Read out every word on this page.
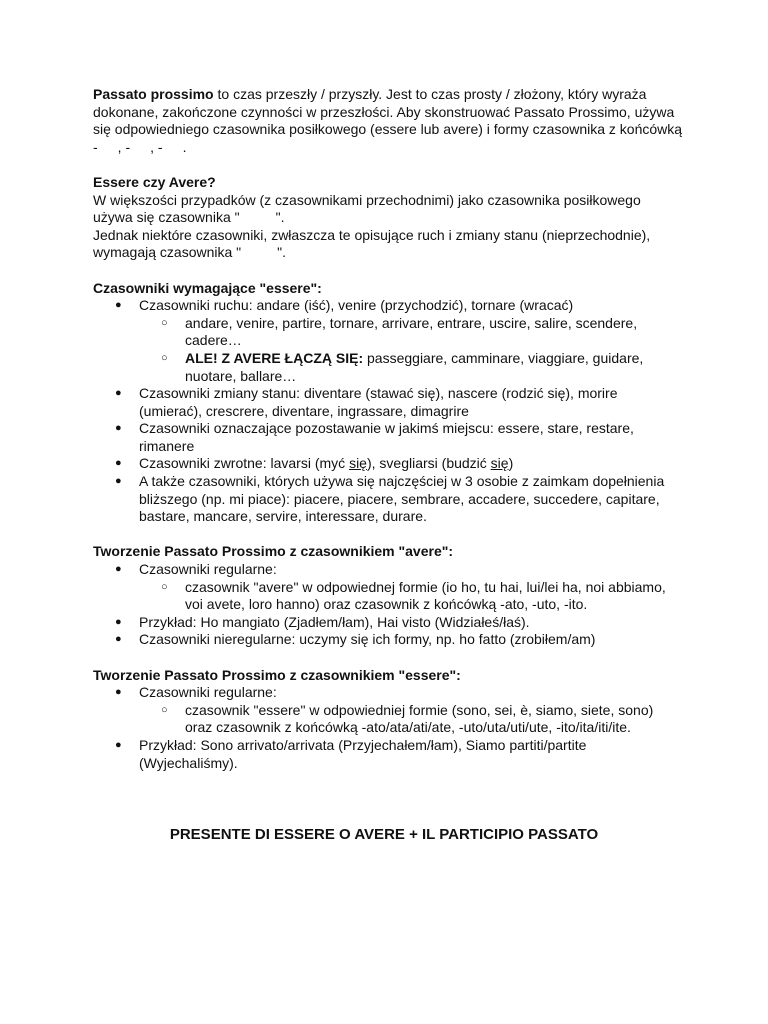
Passato prossimo to czas przeszły / przyszły. Jest to czas prosty / złożony, który wyraża dokonane, zakończone czynności w przeszłości. Aby skonstruować Passato Prossimo, używa się odpowiedniego czasownika posiłkowego (essere lub avere) i formy czasownika z końcówką - , - , - .

Essere czy Avere?

W większości przypadków (z czasownikami przechodnimi) jako czasownika posiłkowego używa się czasownika "	".

Jednak niektóre czasowniki, zwłaszcza te opisujące ruch i zmiany stanu (nieprzechodnie), wymagają czasownika "	".

Czasowniki wymagające "essere":

● Czasowniki ruchu: andare (iść), venire (przychodzić), tornare (wracać)
○ andare, venire, partire, tornare, arrivare, entrare, uscire, salire, scendere, cadere…
○ ALE! Z AVERE ŁĄCZĄ SIĘ: passeggiare, camminare, viaggiare, guidare, nuotare, ballare…
● Czasowniki zmiany stanu: diventare (stawać się), nascere (rodzić się), morire (umierać), crescrere, diventare, ingrassare, dimagrire
● Czasowniki oznaczające pozostawanie w jakimś miejscu: essere, stare, restare, rimanere
● Czasowniki zwrotne: lavarsi (myć się), svegliarsi (budzić się)
● A także czasowniki, których używa się najczęściej w 3 osobie z zaimkam dopełnienia bliższego (np. mi piace): piacere, piacere, sembrare, accadere, succedere, capitare, bastare, mancare, servire, interessare, durare.

Tworzenie Passato Prossimo z czasownikiem "avere":

● Czasowniki regularne:
○ czasownik "avere" w odpowiednej formie (io ho, tu hai, lui/lei ha, noi abbiamo, voi avete, loro hanno) oraz czasownik z końcówką -ato, -uto, -ito.
● Przykład: Ho mangiato (Zjadłem/łam), Hai visto (Widziałeś/łaś).
● Czasowniki nieregularne: uczymy się ich formy, np. ho fatto (zrobiłem/am)

Tworzenie Passato Prossimo z czasownikiem "essere":

● Czasowniki regularne:
○ czasownik "essere" w odpowiedniej formie (sono, sei, è, siamo, siete, sono) oraz czasownik z końcówką -ato/ata/ati/ate, -uto/uta/uti/ute, -ito/ita/iti/ite.
● Przykład: Sono arrivato/arrivata (Przyjechałem/łam), Siamo partiti/partite (Wyjechaliśmy).
PRESENTE DI ESSERE O AVERE + IL PARTICIPIO PASSATO
